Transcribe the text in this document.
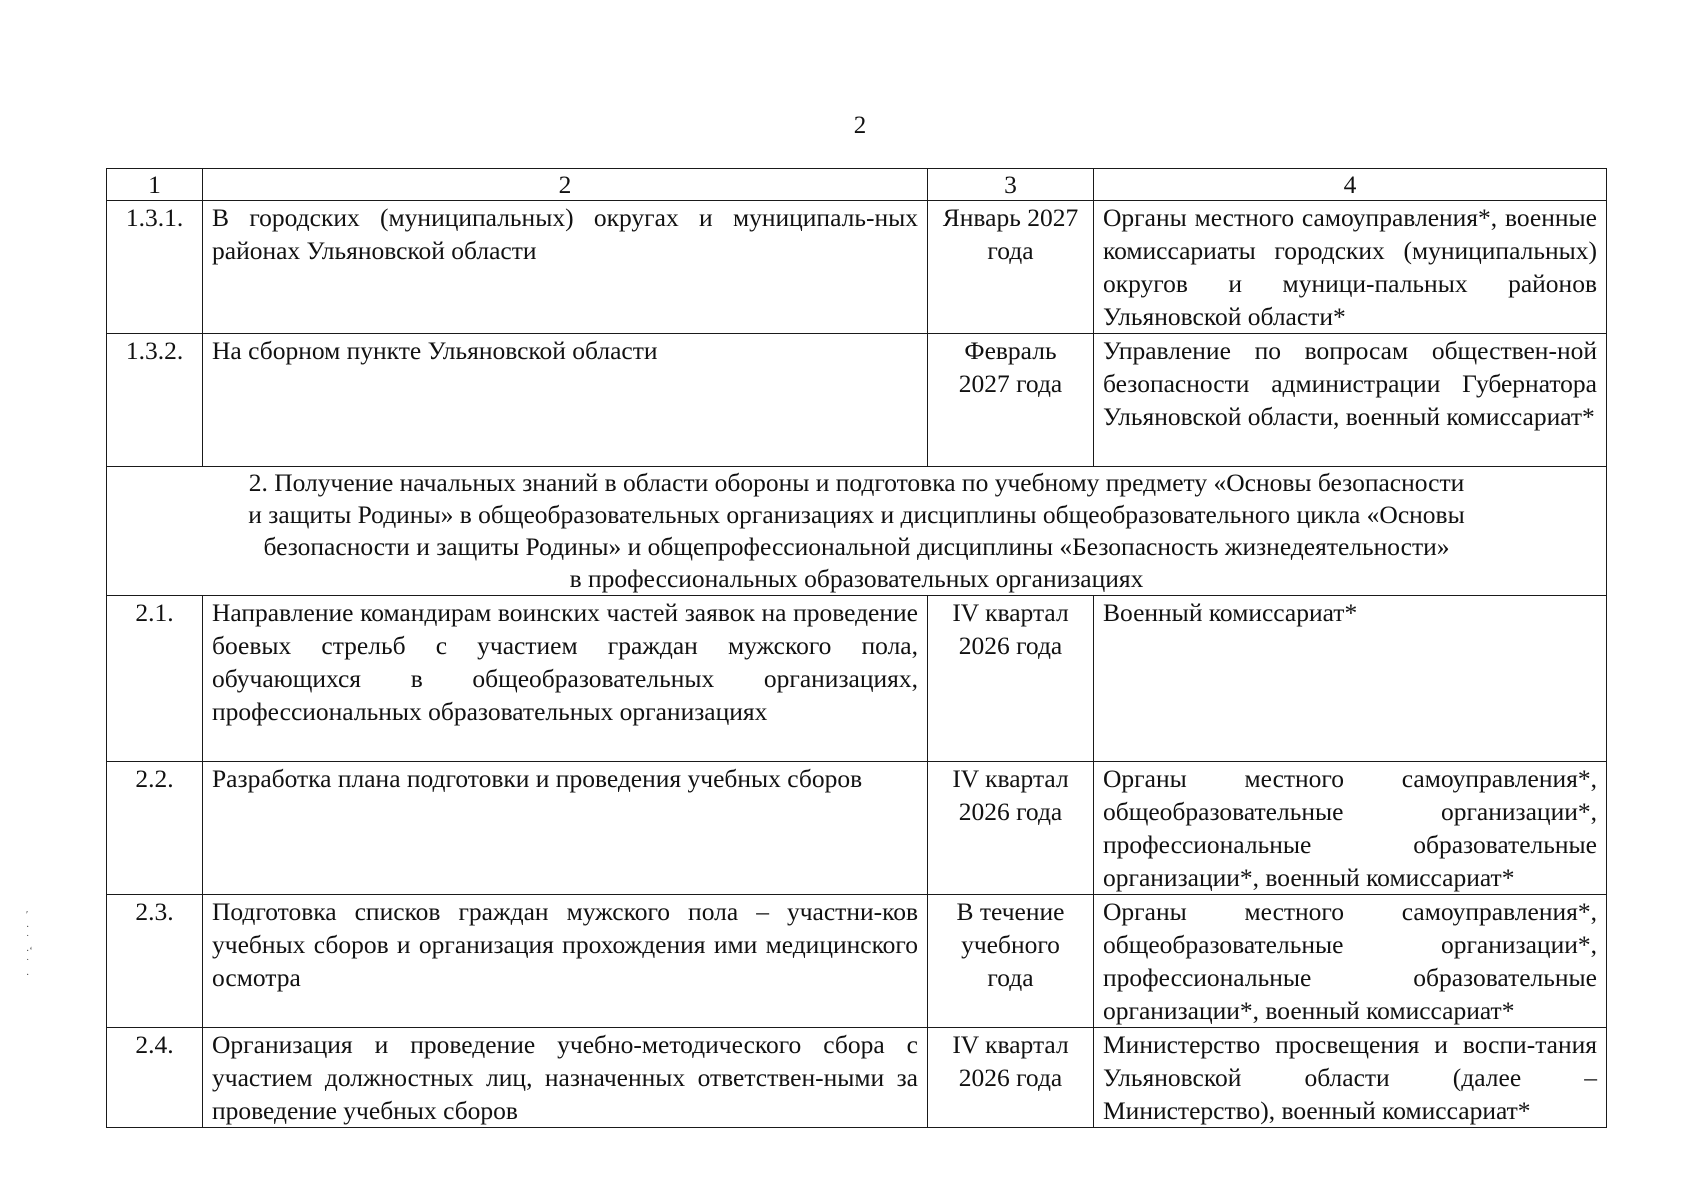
2
1	2	3	4
1.3.1.	В городских (муниципальных) округах и муниципаль-ных районах Ульяновской области	Январь 2027 года	Органы местного самоуправления*, военные комиссариаты городских (муниципальных) округов и муници-пальных районов Ульяновской области*
1.3.2.	На сборном пункте Ульяновской области	Февраль 2027 года	Управление по вопросам обществен-ной безопасности администрации Губернатора Ульяновской области, военный комиссариат*

2. Получение начальных знаний в области обороны и подготовка по учебному предмету «Основы безопасности
и защиты Родины» в общеобразовательных организациях и дисциплины общеобразовательного цикла «Основы
безопасности и защиты Родины» и общепрофессиональной дисциплины «Безопасность жизнедеятельности»
в профессиональных образовательных организациях			

2.1.	Направление командирам воинских частей заявок на проведение боевых стрельб с участием граждан мужского пола, обучающихся в общеобразовательных организациях, профессиональных образовательных организациях	IV квартал 2026 года	Военный комиссариат*
2.2.	Разработка плана подготовки и проведения учебных сборов	IV квартал 2026 года	Органы местного самоуправления*, общеобразовательные организации*, профессиональные образовательные организации*, военный комиссариат*
2.3.	Подготовка списков граждан мужского пола – участни-ков учебных сборов и организация прохождения ими медицинского осмотра	В течение учебного года	Органы местного самоуправления*, общеобразовательные организации*, профессиональные образовательные организации*, военный комиссариат*
2.4.	Организация и проведение учебно-методического сбора с участием должностных лиц, назначенных ответствен-ными за проведение учебных сборов	IV квартал 2026 года	Министерство просвещения и воспи-тания Ульяновской области (далее – Министерство), военный комиссариат*
ʹ
·
˙
·ʻ
˙
·
